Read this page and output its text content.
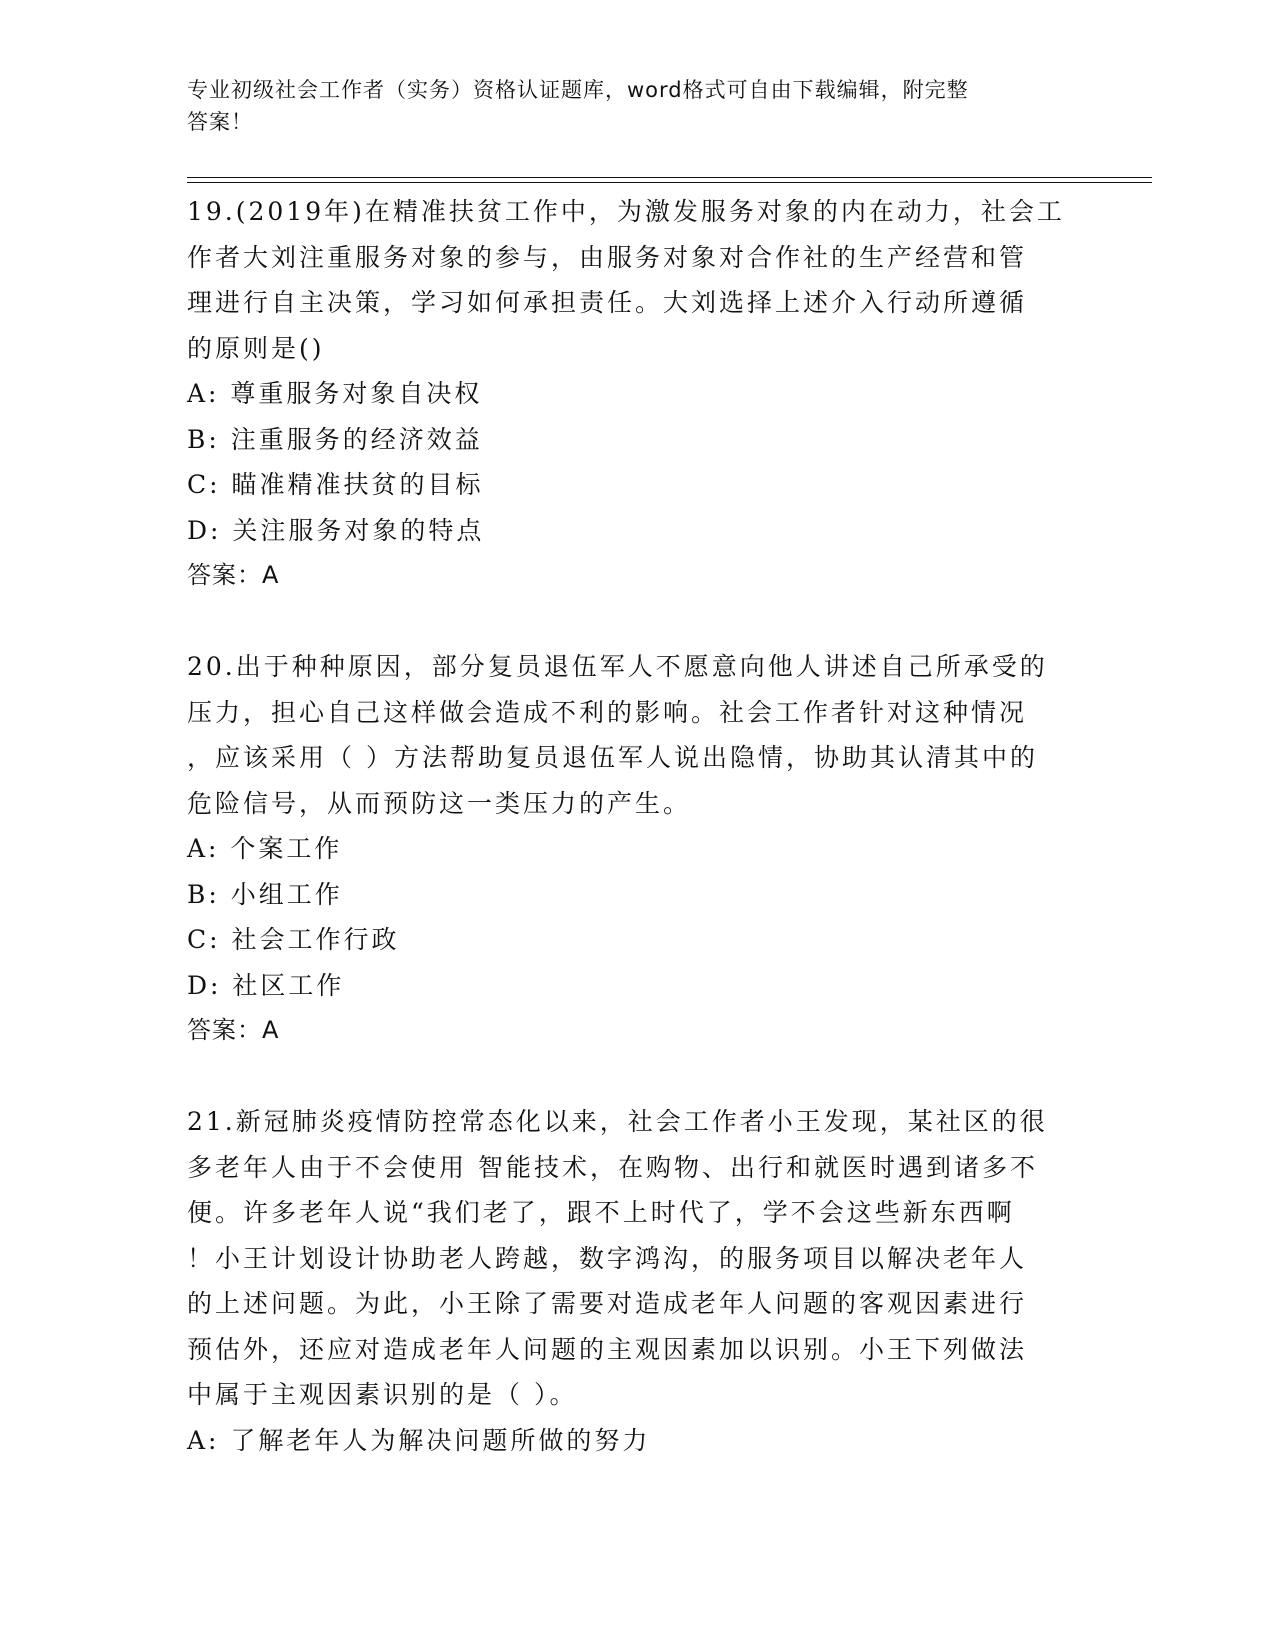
专业初级社会工作者（实务）资格认证题库，word格式可自由下载编辑，附完整
答案！

19.(2019年)在精准扶贫工作中，为激发服务对象的内在动力，社会工
作者大刘注重服务对象的参与，由服务对象对合作社的生产经营和管
理进行自主决策，学习如何承担责任。大刘选择上述介入行动所遵循
的原则是()

A: 尊重服务对象自决权

B: 注重服务的经济效益

C: 瞄准精准扶贫的目标

D: 关注服务对象的特点

答案：A

20.出于种种原因，部分复员退伍军人不愿意向他人讲述自己所承受的
压力，担心自己这样做会造成不利的影响。社会工作者针对这种情况
，应该采用（ ）方法帮助复员退伍军人说出隐情，协助其认清其中的
危险信号，从而预防这一类压力的产生。

A: 个案工作

B: 小组工作

C: 社会工作行政

D: 社区工作

答案：A

21.新冠肺炎疫情防控常态化以来，社会工作者小王发现，某社区的很
多老年人由于不会使用 智能技术，在购物、出行和就医时遇到诸多不
便。许多老年人说“我们老了，跟不上时代了，学不会这些新东西啊
！小王计划设计协助老人跨越，数字鸿沟，的服务项目以解决老年人
的上述问题。为此，小王除了需要对造成老年人问题的客观因素进行
预估外，还应对造成老年人问题的主观因素加以识别。小王下列做法
中属于主观因素识别的是（ ）。

A: 了解老年人为解决问题所做的努力
